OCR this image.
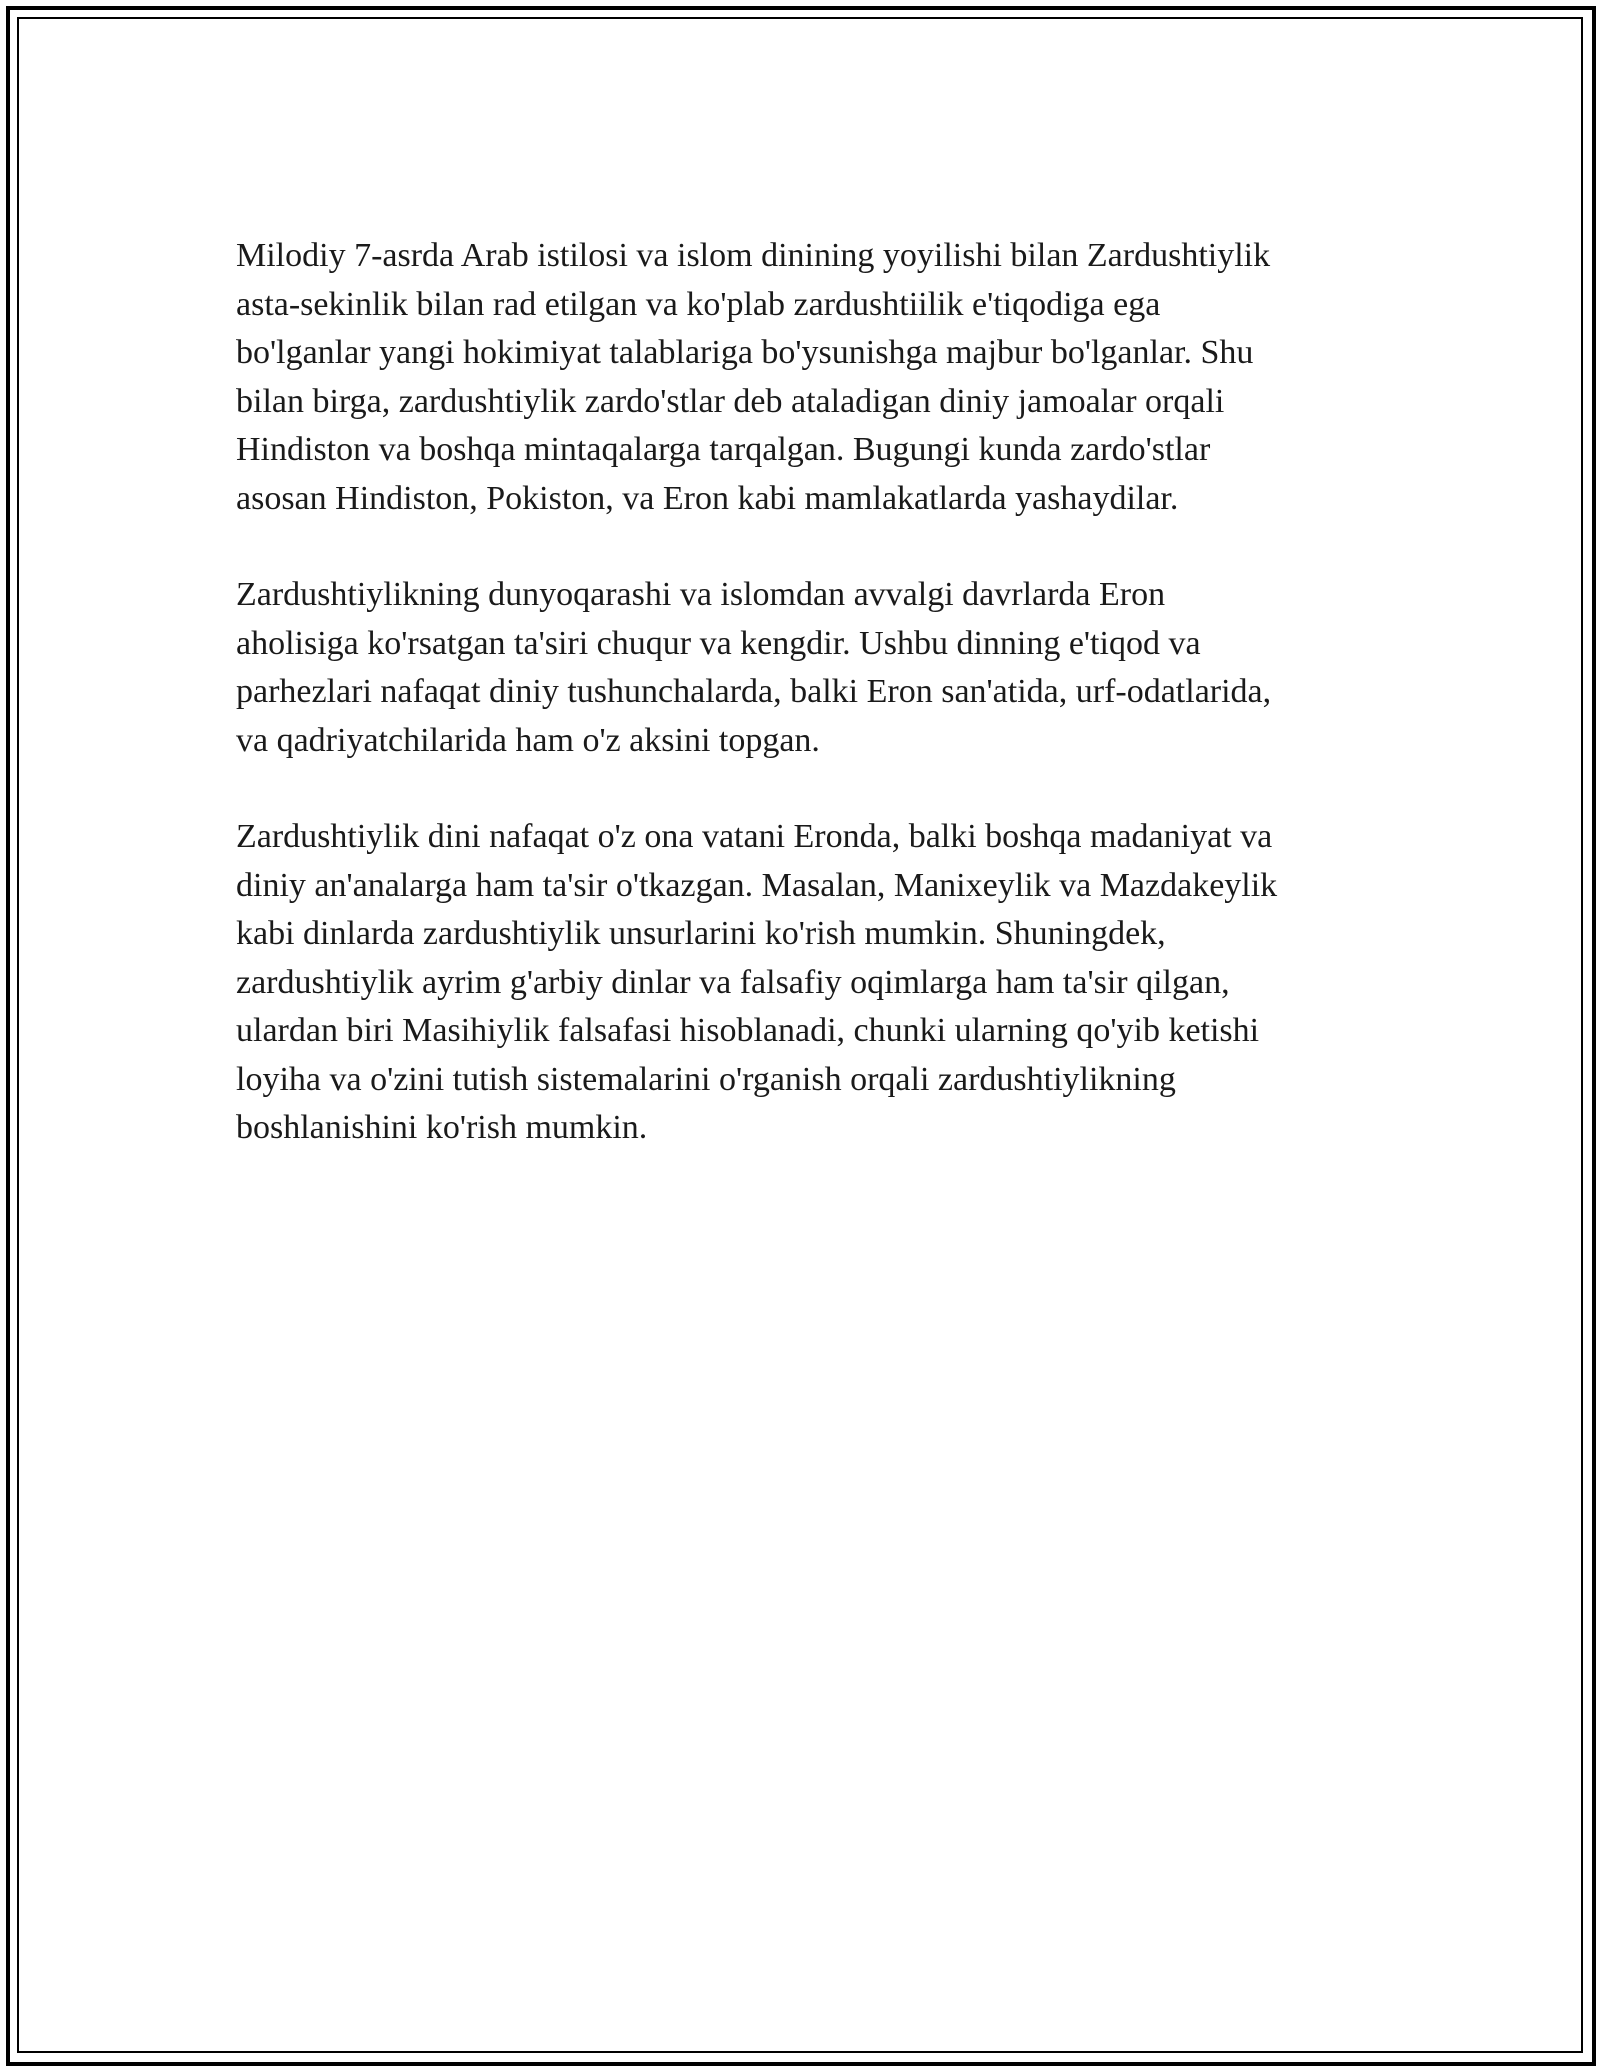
Milodiy 7-asrda Arab istilosi va islom dinining yoyilishi bilan Zardushtiylik
asta-sekinlik bilan rad etilgan va ko'plab zardushtiilik e'tiqodiga ega
bo'lganlar yangi hokimiyat talablariga bo'ysunishga majbur bo'lganlar. Shu
bilan birga, zardushtiylik zardo'stlar deb ataladigan diniy jamoalar orqali
Hindiston va boshqa mintaqalarga tarqalgan. Bugungi kunda zardo'stlar
asosan Hindiston, Pokiston, va Eron kabi mamlakatlarda yashaydilar.

Zardushtiylikning dunyoqarashi va islomdan avvalgi davrlarda Eron
aholisiga ko'rsatgan ta'siri chuqur va kengdir. Ushbu dinning e'tiqod va
parhezlari nafaqat diniy tushunchalarda, balki Eron san'atida, urf-odatlarida,
va qadriyatchilarida ham o'z aksini topgan.

Zardushtiylik dini nafaqat o'z ona vatani Eronda, balki boshqa madaniyat va
diniy an'analarga ham ta'sir o'tkazgan. Masalan, Manixeylik va Mazdakeylik
kabi dinlarda zardushtiylik unsurlarini ko'rish mumkin. Shuningdek,
zardushtiylik ayrim g'arbiy dinlar va falsafiy oqimlarga ham ta'sir qilgan,
ulardan biri Masihiylik falsafasi hisoblanadi, chunki ularning qo'yib ketishi
loyiha va o'zini tutish sistemalarini o'rganish orqali zardushtiylikning
boshlanishini ko'rish mumkin.
